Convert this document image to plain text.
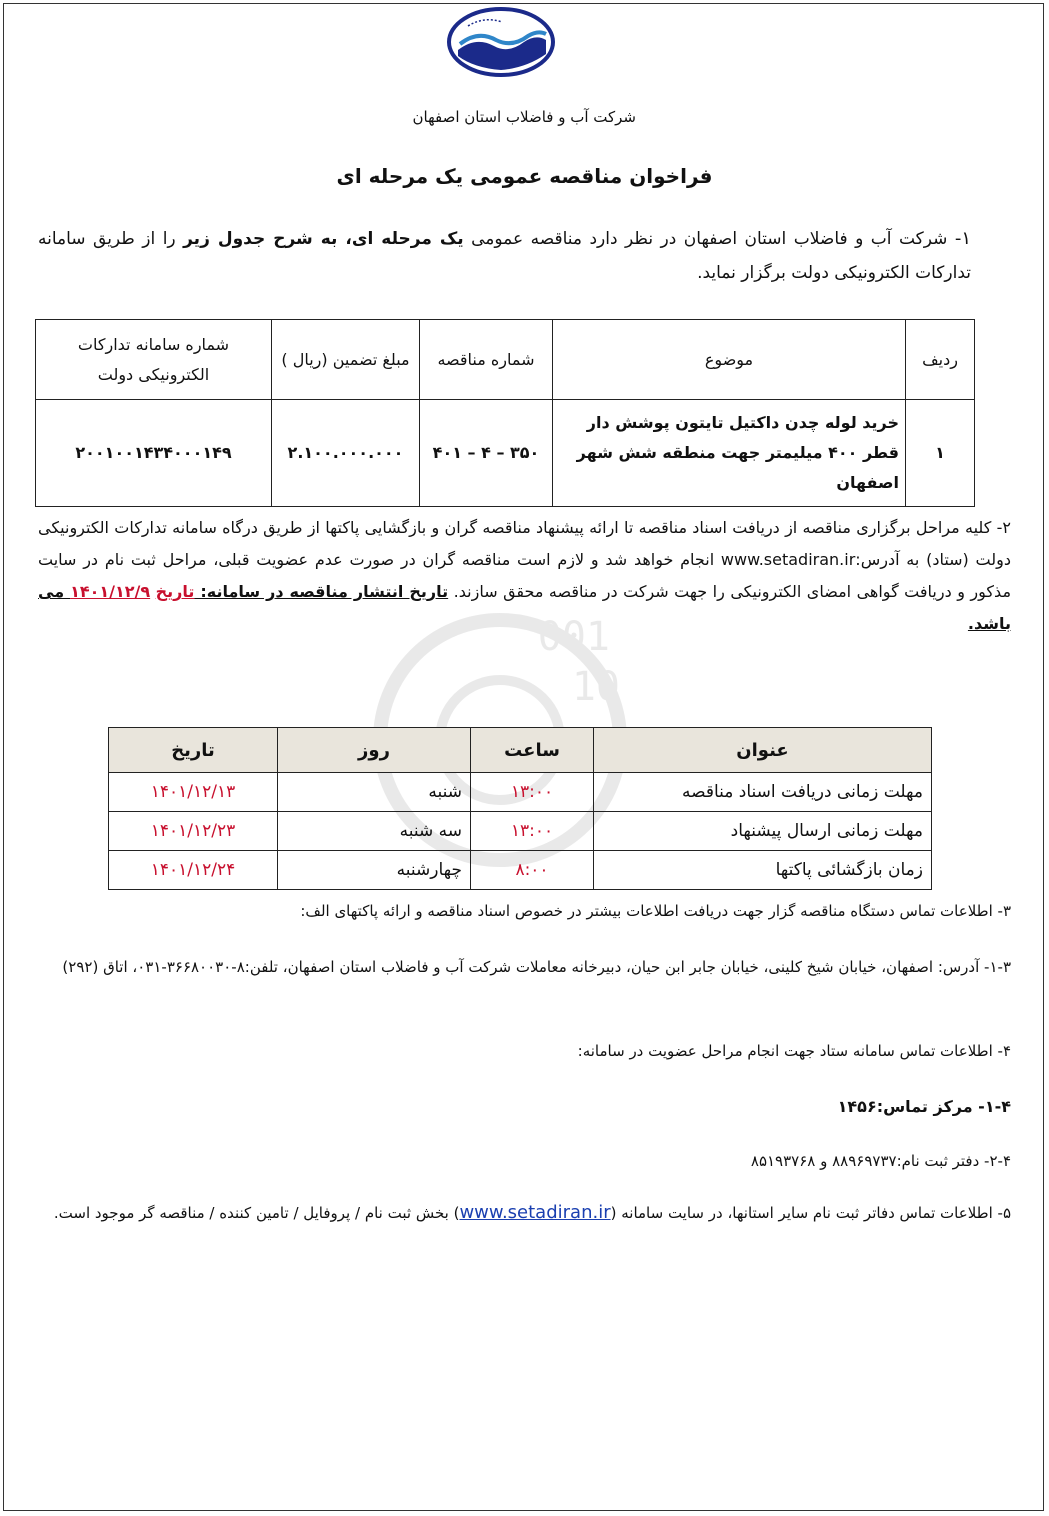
001
10
شرکت آب و فاضلاب استان اصفهان
فراخوان مناقصه عمومی یک مرحله ای
۱- شرکت آب و فاضلاب استان اصفهان در نظر دارد مناقصه عمومی یک مرحله ای، به شرح جدول زیر را از طریق سامانه تدارکات الکترونیکی دولت برگزار نماید.
ردیف	موضوع	شماره مناقصه	مبلغ تضمین (ریال )	شماره سامانه تدارکات الکترونیکی دولت
۱	خرید لوله چدن داکتیل تایتون پوشش دار قطر ۴۰۰ میلیمتر جهت منطقه شش شهر اصفهان	۳۵۰ – ۴ – ۴۰۱	۲.۱۰۰.۰۰۰.۰۰۰	۲۰۰۱۰۰۱۴۳۴۰۰۰۱۴۹
۲- کلیه مراحل برگزاری مناقصه از دریافت اسناد مناقصه تا ارائه پیشنهاد مناقصه گران و بازگشایی پاکتها از طریق درگاه سامانه تدارکات الکترونیکی دولت (ستاد) به آدرس:www.setadiran.ir انجام خواهد شد و لازم است مناقصه گران در صورت عدم عضویت قبلی، مراحل ثبت نام در سایت مذکور و دریافت گواهی امضای الکترونیکی را جهت شرکت در مناقصه محقق سازند. تاریخ انتشار مناقصه در سامانه: تاریخ ۱۴۰۱/۱۲/۹ می باشد.
عنوان	ساعت	روز	تاریخ
مهلت زمانی دریافت اسناد مناقصه	۱۳:۰۰	شنبه	۱۴۰۱/۱۲/۱۳
مهلت زمانی ارسال پیشنهاد	۱۳:۰۰	سه شنبه	۱۴۰۱/۱۲/۲۳
زمان بازگشائی پاکتها	۸:۰۰	چهارشنبه	۱۴۰۱/۱۲/۲۴
۳- اطلاعات تماس دستگاه مناقصه گزار جهت دریافت اطلاعات بیشتر در خصوص اسناد مناقصه و ارائه پاکتهای الف:
۱-۳- آدرس: اصفهان، خیابان شیخ کلینی، خیابان جابر ابن حیان، دبیرخانه معاملات شرکت آب و فاضلاب استان اصفهان، تلفن:۸-۳۶۶۸۰۰۳۰-۰۳۱، اتاق (۲۹۲)
۴- اطلاعات تماس سامانه ستاد جهت انجام مراحل عضویت در سامانه:
۱-۴- مرکز تماس:۱۴۵۶
۲-۴- دفتر ثبت نام:۸۸۹۶۹۷۳۷ و ۸۵۱۹۳۷۶۸
۵- اطلاعات تماس دفاتر ثبت نام سایر استانها، در سایت سامانه (www.setadiran.ir) بخش ثبت نام / پروفایل / تامین کننده / مناقصه گر موجود است.
